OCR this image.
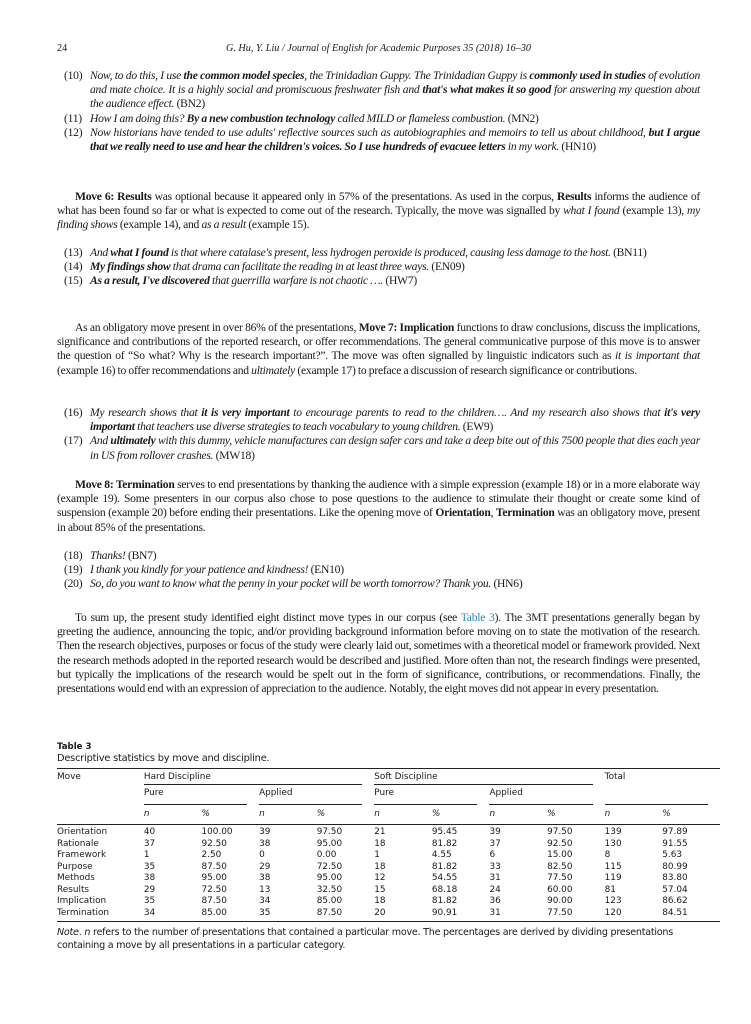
24	G. Hu, Y. Liu / Journal of English for Academic Purposes 35 (2018) 16–30
(10) Now, to do this, I use the common model species, the Trinidadian Guppy. The Trinidadian Guppy is commonly used in studies of evolution and mate choice. It is a highly social and promiscuous freshwater fish and that's what makes it so good for answering my question about the audience effect. (BN2)
(11) How I am doing this? By a new combustion technology called MILD or flameless combustion. (MN2)
(12) Now historians have tended to use adults' reflective sources such as autobiographies and memoirs to tell us about childhood, but I argue that we really need to use and hear the children's voices. So I use hundreds of evacuee letters in my work. (HN10)

Move 6: Results was optional because it appeared only in 57% of the presentations. As used in the corpus, Results informs the audience of what has been found so far or what is expected to come out of the research. Typically, the move was signalled by what I found (example 13), my finding shows (example 14), and as a result (example 15).

(13) And what I found is that where catalase's present, less hydrogen peroxide is produced, causing less damage to the host. (BN11)
(14) My findings show that drama can facilitate the reading in at least three ways. (EN09)
(15) As a result, I've discovered that guerrilla warfare is not chaotic …. (HW7)

As an obligatory move present in over 86% of the presentations, Move 7: Implication functions to draw conclusions, discuss the implications, significance and contributions of the reported research, or offer recommendations. The general communicative purpose of this move is to answer the question of “So what? Why is the research important?”. The move was often signalled by linguistic indicators such as it is important that (example 16) to offer recommendations and ultimately (example 17) to preface a discussion of research significance or contributions.

(16) My research shows that it is very important to encourage parents to read to the children…. And my research also shows that it's very important that teachers use diverse strategies to teach vocabulary to young children. (EW9)
(17) And ultimately with this dummy, vehicle manufactures can design safer cars and take a deep bite out of this 7500 people that dies each year in US from rollover crashes. (MW18)

Move 8: Termination serves to end presentations by thanking the audience with a simple expression (example 18) or in a more elaborate way (example 19). Some presenters in our corpus also chose to pose questions to the audience to stimulate their thought or create some kind of suspension (example 20) before ending their presentations. Like the opening move of Orientation, Termination was an obligatory move, present in about 85% of the presentations.

(18) Thanks! (BN7)
(19) I thank you kindly for your patience and kindness! (EN10)
(20) So, do you want to know what the penny in your pocket will be worth tomorrow? Thank you. (HN6)

To sum up, the present study identified eight distinct move types in our corpus (see Table 3). The 3MT presentations generally began by greeting the audience, announcing the topic, and/or providing background information before moving on to state the motivation of the research. Then the research objectives, purposes or focus of the study were clearly laid out, sometimes with a theoretical model or framework provided. Next the research methods adopted in the reported research would be described and justified. More often than not, the research findings were presented, but typically the implications of the research would be spelt out in the form of significance, contributions, or recommendations. Finally, the presentations would end with an expression of appreciation to the audience. Notably, the eight moves did not appear in every presentation.

Table 3
Descriptive statistics by move and discipline.
Move	Hard Discipline				Soft Discipline				Total	
	Pure		Applied		Pure		Applied			
	n	%	n	%	n	%	n	%	n	%
Orientation	40	100.00	39	97.50	21	95.45	39	97.50	139	97.89
Rationale	37	92.50	38	95.00	18	81.82	37	92.50	130	91.55
Framework	1	2.50	0	0.00	1	4.55	6	15.00	8	5.63
Purpose	35	87.50	29	72.50	18	81.82	33	82.50	115	80.99
Methods	38	95.00	38	95.00	12	54.55	31	77.50	119	83.80
Results	29	72.50	13	32.50	15	68.18	24	60.00	81	57.04
Implication	35	87.50	34	85.00	18	81.82	36	90.00	123	86.62
Termination	34	85.00	35	87.50	20	90.91	31	77.50	120	84.51
Note. n refers to the number of presentations that contained a particular move. The percentages are derived by dividing presentations containing a move by all presentations in a particular category.
